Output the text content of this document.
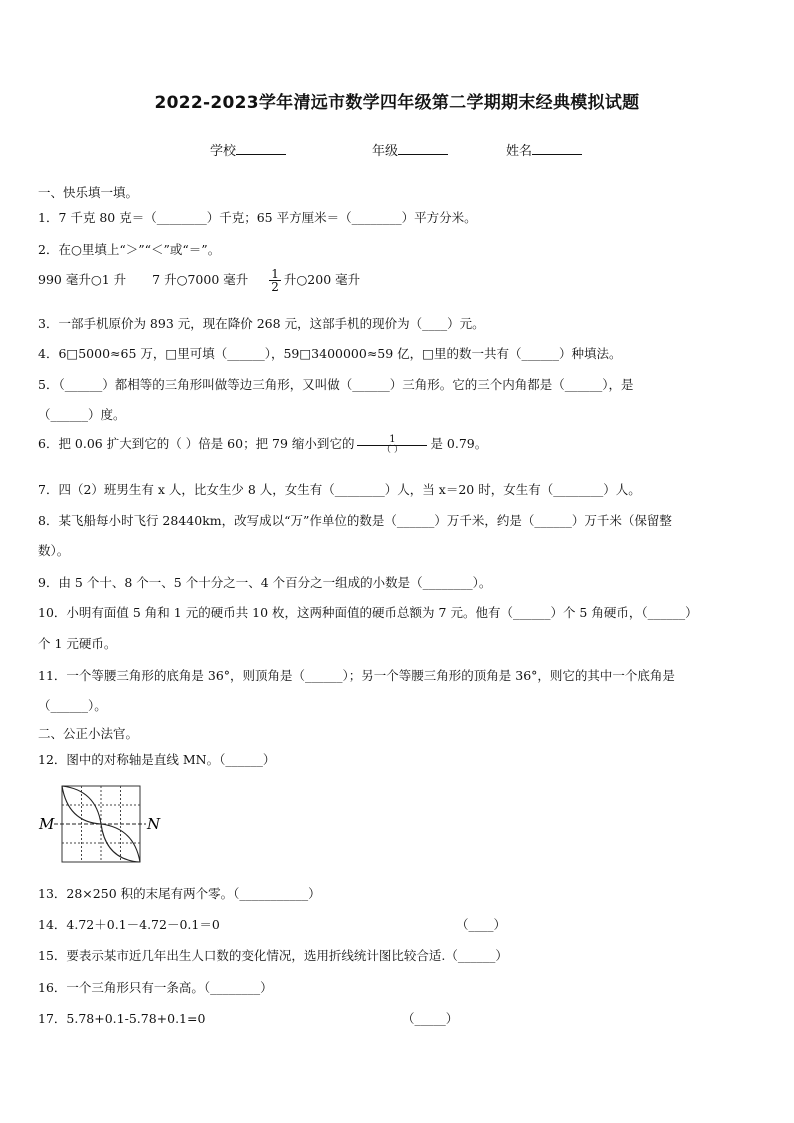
2022-2023学年清远市数学四年级第二学期期末经典模拟试题
学校	年级	姓名
一、快乐填一填。
1．7 千克 80 克＝（________）千克；65 平方厘米＝（________）平方分米。
2．在○里填上“＞”“＜”或“＝”。
990 毫升○1 升 7 升○7000 毫升 $\frac{1}{2}$ 升○200 毫升
3．一部手机原价为 893 元，现在降价 268 元，这部手机的现价为（____）元。
4．6□5000≈65 万，□里可填（______），59□3400000≈59 亿，□里的数一共有（______）种填法。
5．（______）都相等的三角形叫做等边三角形，又叫做（______）三角形。它的三个内角都是（______），是
（______）度。
6．把 0.06 扩大到它的（ ）倍是 60；把 79 缩小到它的 $\frac{1}{( )}$ 是 0.79。
7．四（2）班男生有 x 人，比女生少 8 人，女生有（________）人，当 x＝20 时，女生有（________）人。
8．某飞船每小时飞行 28440km，改写成以“万”作单位的数是（______）万千米，约是（______）万千米（保留整
数）。
9．由 5 个十、8 个一、5 个十分之一、4 个百分之一组成的小数是（________）。
10．小明有面值 5 角和 1 元的硬币共 10 枚，这两种面值的硬币总额为 7 元。他有（______）个 5 角硬币，（______）
个 1 元硬币。
11．一个等腰三角形的底角是 36°，则顶角是（______）；另一个等腰三角形的顶角是 36°，则它的其中一个底角是
（______）。
二、公正小法官。
12．图中的对称轴是直线 MN。（______）
M	N
13．28×250 积的末尾有两个零。（___________）
14．4.72＋0.1－4.72－0.1＝0	（____）
15．要表示某市近几年出生人口数的变化情况，选用折线统计图比较合适.（______）
16．一个三角形只有一条高。（________）
17．5.78+0.1-5.78+0.1=0	（_____）
